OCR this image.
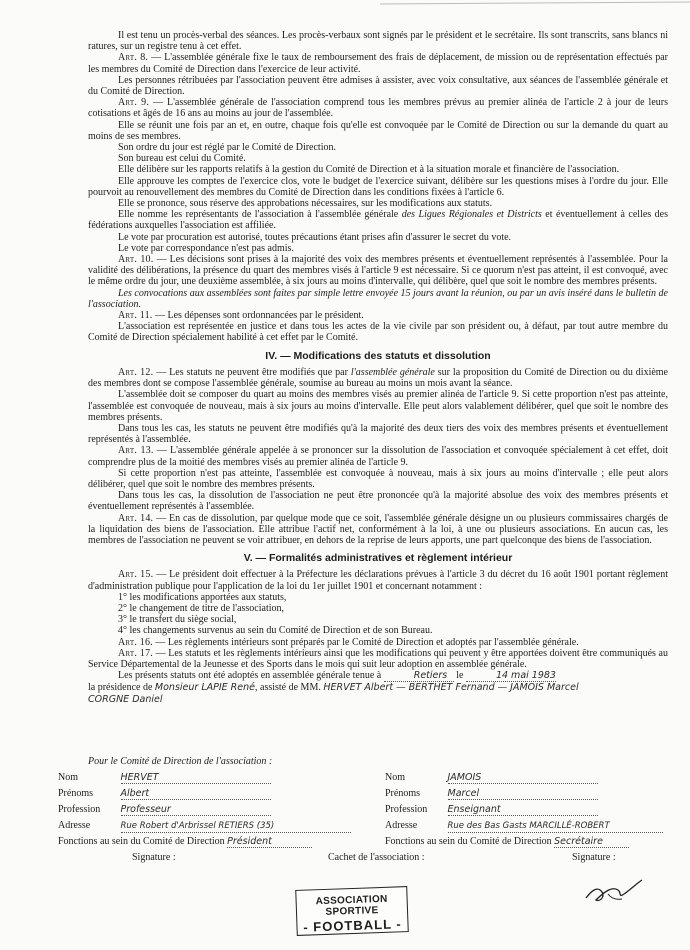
Il est tenu un procès-verbal des séances. Les procès-verbaux sont signés par le président et le secrétaire. Ils sont transcrits, sans blancs ni ratures, sur un registre tenu à cet effet.

Art. 8. — L'assemblée générale fixe le taux de remboursement des frais de déplacement, de mission ou de représentation effectués par les membres du Comité de Direction dans l'exercice de leur activité.

Les personnes rétribuées par l'association peuvent être admises à assister, avec voix consultative, aux séances de l'assemblée générale et du Comité de Direction.

Art. 9. — L'assemblée générale de l'association comprend tous les membres prévus au premier alinéa de l'article 2 à jour de leurs cotisations et âgés de 16 ans au moins au jour de l'assemblée.

Elle se réunit une fois par an et, en outre, chaque fois qu'elle est convoquée par le Comité de Direction ou sur la demande du quart au moins de ses membres.

Son ordre du jour est réglé par le Comité de Direction.

Son bureau est celui du Comité.

Elle délibère sur les rapports relatifs à la gestion du Comité de Direction et à la situation morale et financière de l'association.

Elle approuve les comptes de l'exercice clos, vote le budget de l'exercice suivant, délibère sur les questions mises à l'ordre du jour. Elle pourvoit au renouvellement des membres du Comité de Direction dans les conditions fixées à l'article 6.

Elle se prononce, sous réserve des approbations nécessaires, sur les modifications aux statuts.

Elle nomme les représentants de l'association à l'assemblée générale des Ligues Régionales et Districts et éventuellement à celles des fédérations auxquelles l'association est affiliée.

Le vote par procuration est autorisé, toutes précautions étant prises afin d'assurer le secret du vote.

Le vote par correspondance n'est pas admis.

Art. 10. — Les décisions sont prises à la majorité des voix des membres présents et éventuellement représentés à l'assemblée. Pour la validité des délibérations, la présence du quart des membres visés à l'article 9 est nécessaire. Si ce quorum n'est pas atteint, il est convoqué, avec le même ordre du jour, une deuxième assemblée, à six jours au moins d'intervalle, qui délibère, quel que soit le nombre des membres présents.

Les convocations aux assemblées sont faites par simple lettre envoyée 15 jours avant la réunion, ou par un avis inséré dans le bulletin de l'association.

Art. 11. — Les dépenses sont ordonnancées par le président.

L'association est représentée en justice et dans tous les actes de la vie civile par son président ou, à défaut, par tout autre membre du Comité de Direction spécialement habilité à cet effet par le Comité.

IV. — Modifications des statuts et dissolution

Art. 12. — Les statuts ne peuvent être modifiés que par l'assemblée générale sur la proposition du Comité de Direction ou du dixième des membres dont se compose l'assemblée générale, soumise au bureau au moins un mois avant la séance.

L'assemblée doit se composer du quart au moins des membres visés au premier alinéa de l'article 9. Si cette proportion n'est pas atteinte, l'assemblée est convoquée de nouveau, mais à six jours au moins d'intervalle. Elle peut alors valablement délibérer, quel que soit le nombre des membres présents.

Dans tous les cas, les statuts ne peuvent être modifiés qu'à la majorité des deux tiers des voix des membres présents et éventuellement représentés à l'assemblée.

Art. 13. — L'assemblée générale appelée à se prononcer sur la dissolution de l'association et convoquée spécialement à cet effet, doit comprendre plus de la moitié des membres visés au premier alinéa de l'article 9.

Si cette proportion n'est pas atteinte, l'assemblée est convoquée à nouveau, mais à six jours au moins d'intervalle ; elle peut alors délibérer, quel que soit le nombre des membres présents.

Dans tous les cas, la dissolution de l'association ne peut être prononcée qu'à la majorité absolue des voix des membres présents et éventuellement représentés à l'assemblée.

Art. 14. — En cas de dissolution, par quelque mode que ce soit, l'assemblée générale désigne un ou plusieurs commissaires chargés de la liquidation des biens de l'association. Elle attribue l'actif net, conformément à la loi, à une ou plusieurs associations. En aucun cas, les membres de l'association ne peuvent se voir attribuer, en dehors de la reprise de leurs apports, une part quelconque des biens de l'association.

V. — Formalités administratives et règlement intérieur

Art. 15. — Le président doit effectuer à la Préfecture les déclarations prévues à l'article 3 du décret du 16 août 1901 portant règlement d'administration publique pour l'application de la loi du 1er juillet 1901 et concernant notamment :

1° les modifications apportées aux statuts,
2° le changement de titre de l'association,
3° le transfert du siège social,
4° les changements survenus au sein du Comité de Direction et de son Bureau.

Art. 16. — Les règlements intérieurs sont préparés par le Comité de Direction et adoptés par l'assemblée générale.

Art. 17. — Les statuts et les règlements intérieurs ainsi que les modifications qui peuvent y être apportées doivent être communiqués au Service Départemental de la Jeunesse et des Sports dans le mois qui suit leur adoption en assemblée générale.

Les présents statuts ont été adoptés en assemblée générale tenue à	Retiers le	14 mai 1983

la présidence de Monsieur LAPIE René, assisté de MM. HERVET Albert — BERTHET Fernand — JAMOIS Marcel

CORGNE Daniel

Pour le Comité de Direction de l'association :
Nom	HERVET
Prénoms	Albert
Profession Professeur
Adresse	Rue Robert d'Arbrissel RETIERS (35)
Fonctions au sein du Comité de Direction Président
Nom	JAMOIS
Prénoms	Marcel
Profession Enseignant
Adresse	Rue des Bas Gasts MARCILLÉ-ROBERT
Fonctions au sein du Comité de Direction Secrétaire
Signature :	Cachet de l'association :	Signature :
ASSOCIATION SPORTIVE
- FOOTBALL -
